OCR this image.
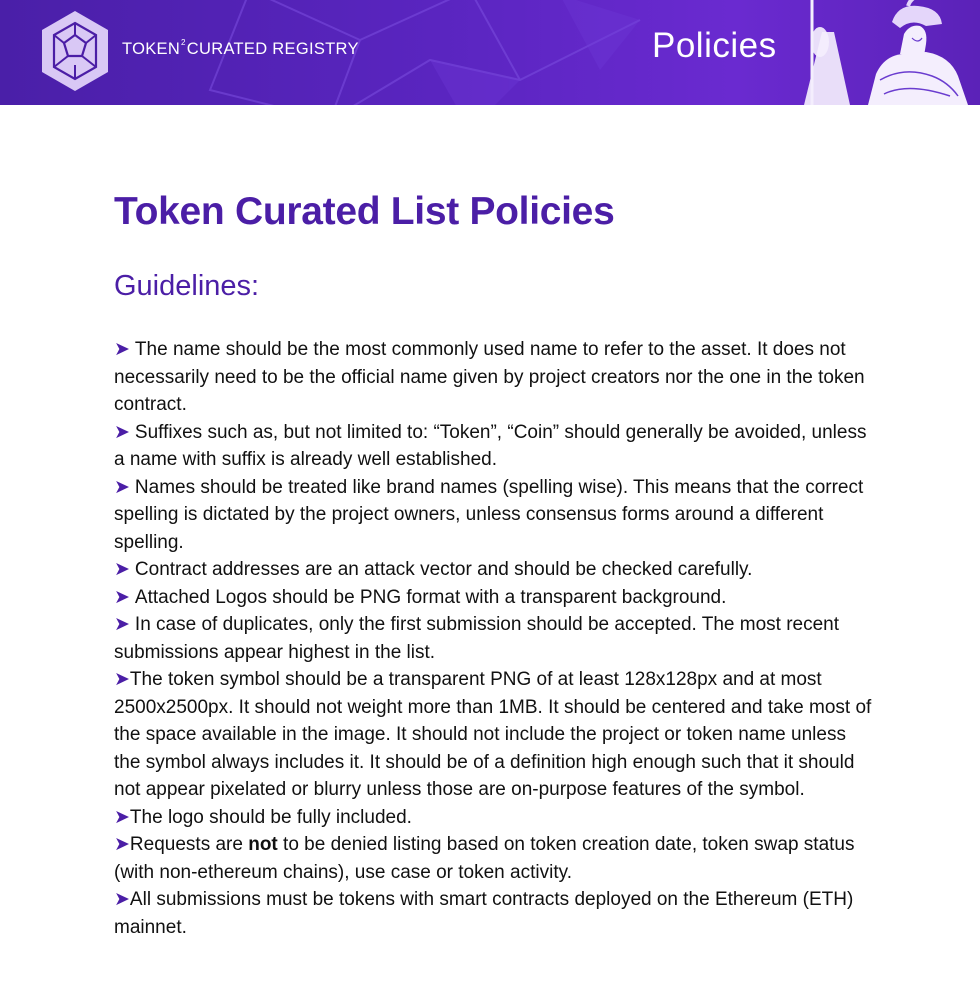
TOKEN$^2$CURATED REGISTRY	Policies
Token Curated List Policies
Guidelines:
➤ The name should be the most commonly used name to refer to the asset. It does not necessarily need to be the official name given by project creators nor the one in the token contract.
➤ Suffixes such as, but not limited to: “Token”, “Coin” should generally be avoided, unless a name with suffix is already well established.
➤ Names should be treated like brand names (spelling wise). This means that the correct spelling is dictated by the project owners, unless consensus forms around a different spelling.
➤ Contract addresses are an attack vector and should be checked carefully.
➤ Attached Logos should be PNG format with a transparent background.
➤ In case of duplicates, only the first submission should be accepted. The most recent submissions appear highest in the list.
➤The token symbol should be a transparent PNG of at least 128x128px and at most 2500x2500px. It should not weight more than 1MB. It should be centered and take most of the space available in the image. It should not include the project or token name unless the symbol always includes it. It should be of a definition high enough such that it should not appear pixelated or blurry unless those are on-purpose features of the symbol.
➤The logo should be fully included.
➤Requests are not to be denied listing based on token creation date, token swap status (with non-ethereum chains), use case or token activity.
➤All submissions must be tokens with smart contracts deployed on the Ethereum (ETH) mainnet.
